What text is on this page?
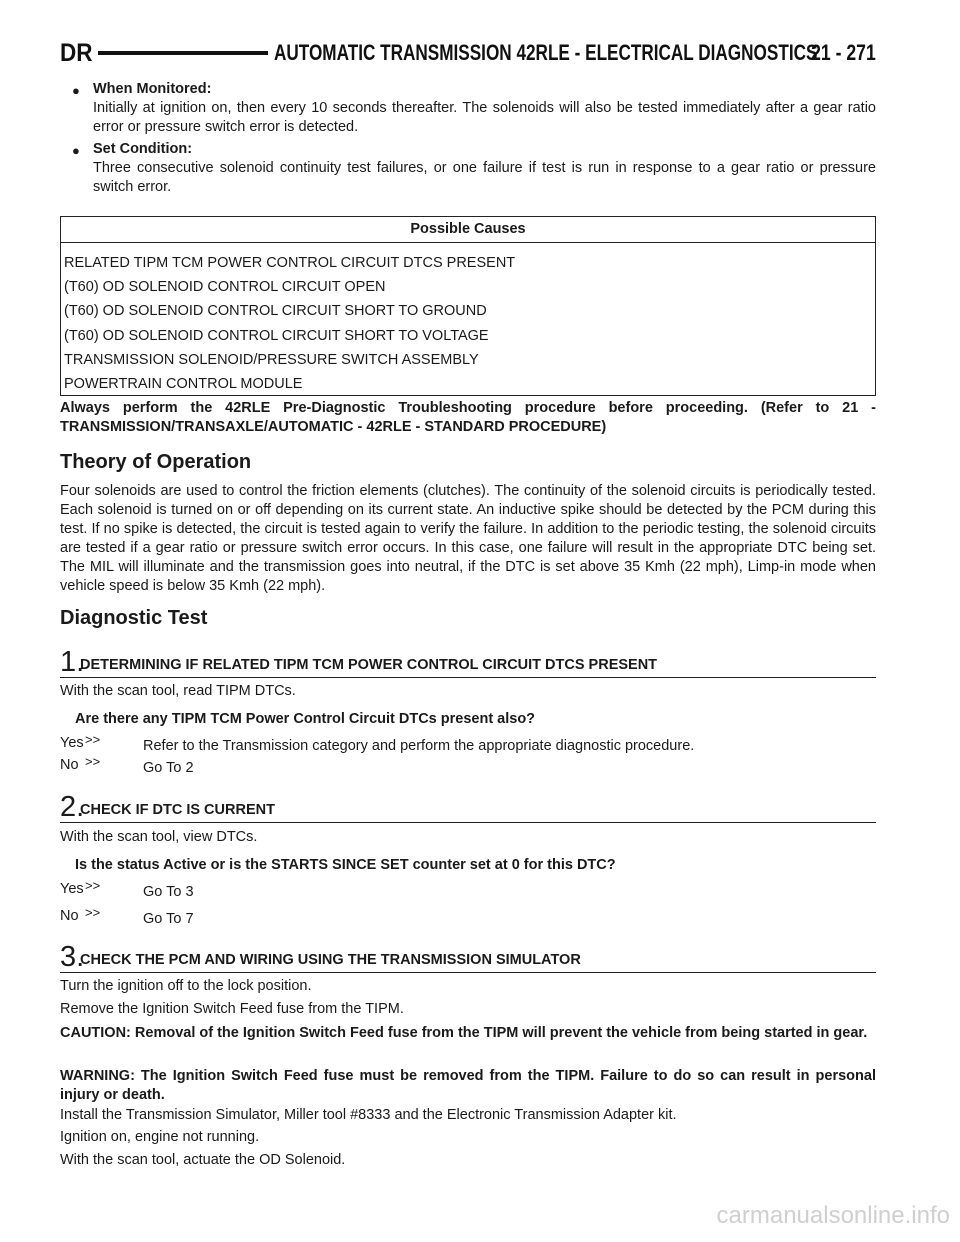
DR	AUTOMATIC TRANSMISSION 42RLE - ELECTRICAL DIAGNOSTICS
21 - 271
● When Monitored:
Initially at ignition on, then every 10 seconds thereafter. The solenoids will also be tested immediately after a gear ratio error or pressure switch error is detected.
● Set Condition:
Three consecutive solenoid continuity test failures, or one failure if test is run in response to a gear ratio or pressure switch error.
Possible Causes
RELATED TIPM TCM POWER CONTROL CIRCUIT DTCS PRESENT
(T60) OD SOLENOID CONTROL CIRCUIT OPEN
(T60) OD SOLENOID CONTROL CIRCUIT SHORT TO GROUND
(T60) OD SOLENOID CONTROL CIRCUIT SHORT TO VOLTAGE
TRANSMISSION SOLENOID/PRESSURE SWITCH ASSEMBLY
POWERTRAIN CONTROL MODULE
Always perform the 42RLE Pre-Diagnostic Troubleshooting procedure before proceeding. (Refer to 21 - TRANSMISSION/TRANSAXLE/AUTOMATIC - 42RLE - STANDARD PROCEDURE)
Theory of Operation
Four solenoids are used to control the friction elements (clutches). The continuity of the solenoid circuits is periodically tested. Each solenoid is turned on or off depending on its current state. An inductive spike should be detected by the PCM during this test. If no spike is detected, the circuit is tested again to verify the failure. In addition to the periodic testing, the solenoid circuits are tested if a gear ratio or pressure switch error occurs. In this case, one failure will result in the appropriate DTC being set. The MIL will illuminate and the transmission goes into neutral, if the DTC is set above 35 Kmh (22 mph), Limp-in mode when vehicle speed is below 35 Kmh (22 mph).
Diagnostic Test
1.
DETERMINING IF RELATED TIPM TCM POWER CONTROL CIRCUIT DTCS PRESENT
With the scan tool, read TIPM DTCs.
Are there any TIPM TCM Power Control Circuit DTCs present also?
Yes >>	Refer to the Transmission category and perform the appropriate diagnostic procedure.
No >>	Go To 2
2.
CHECK IF DTC IS CURRENT
With the scan tool, view DTCs.
Is the status Active or is the STARTS SINCE SET counter set at 0 for this DTC?
Yes >>	Go To 3
No >>	Go To 7
3.
CHECK THE PCM AND WIRING USING THE TRANSMISSION SIMULATOR
Turn the ignition off to the lock position.
Remove the Ignition Switch Feed fuse from the TIPM.
CAUTION: Removal of the Ignition Switch Feed fuse from the TIPM will prevent the vehicle from being started in gear.
WARNING: The Ignition Switch Feed fuse must be removed from the TIPM. Failure to do so can result in personal injury or death.
Install the Transmission Simulator, Miller tool #8333 and the Electronic Transmission Adapter kit.
Ignition on, engine not running.
With the scan tool, actuate the OD Solenoid.
carmanualsonline.info
